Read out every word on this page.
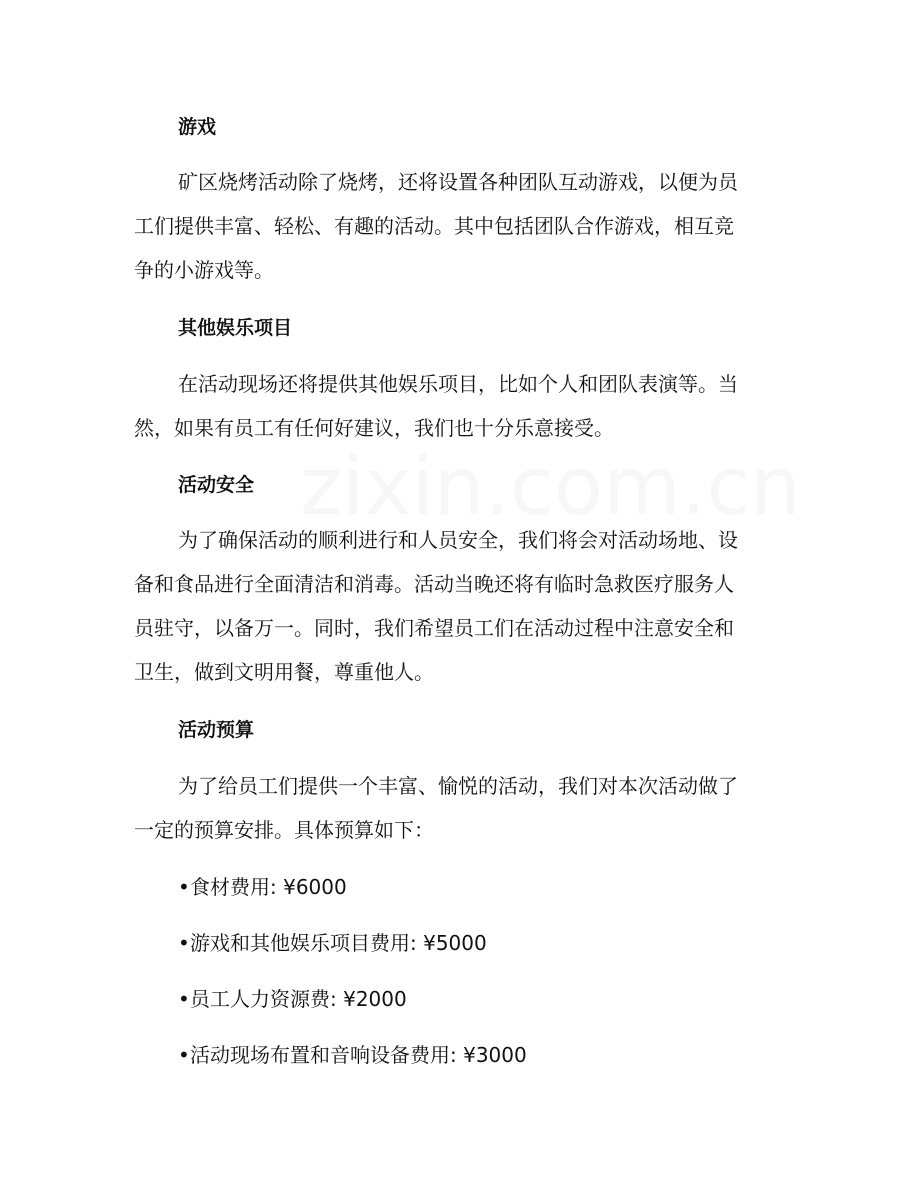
zixin.com.cn
游戏
矿区烧烤活动除了烧烤，还将设置各种团队互动游戏，以便为员
工们提供丰富、轻松、有趣的活动。其中包括团队合作游戏，相互竞
争的小游戏等。
其他娱乐项目
在活动现场还将提供其他娱乐项目，比如个人和团队表演等。当
然，如果有员工有任何好建议，我们也十分乐意接受。
活动安全
为了确保活动的顺利进行和人员安全，我们将会对活动场地、设
备和食品进行全面清洁和消毒。活动当晚还将有临时急救医疗服务人
员驻守，以备万一。同时，我们希望员工们在活动过程中注意安全和
卫生，做到文明用餐，尊重他人。
活动预算
为了给员工们提供一个丰富、愉悦的活动，我们对本次活动做了
一定的预算安排。具体预算如下：
•食材费用: ¥6000
•游戏和其他娱乐项目费用: ¥5000
•员工人力资源费: ¥2000
•活动现场布置和音响设备费用: ¥3000
